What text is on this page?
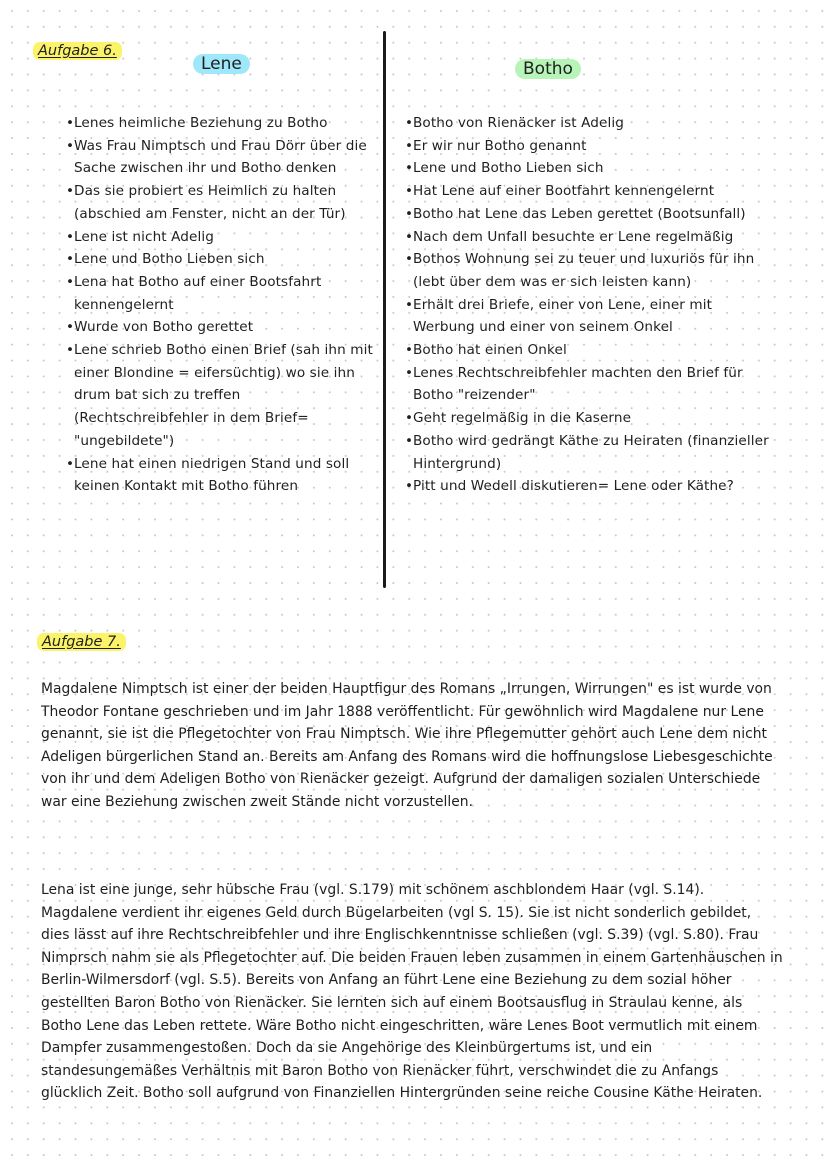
Aufgabe 6.
Lene	Botho
• Lenes heimliche Beziehung zu Botho
• Was Frau Nimptsch und Frau Dörr über die Sache zwischen ihr und Botho denken
• Das sie probiert es Heimlich zu halten (abschied am Fenster, nicht an der Tür)
• Lene ist nicht Adelig
• Lene und Botho Lieben sich
• Lena hat Botho auf einer Bootsfahrt kennengelernt
• Wurde von Botho gerettet
• Lene schrieb Botho einen Brief (sah ihn mit einer Blondine = eifersüchtig) wo sie ihn drum bat sich zu treffen (Rechtschreibfehler in dem Brief= "ungebildete")
• Lene hat einen niedrigen Stand und soll keinen Kontakt mit Botho führen
• Botho von Rienäcker ist Adelig
• Er wir nur Botho genannt
• Lene und Botho Lieben sich
• Hat Lene auf einer Bootfahrt kennengelernt
• Botho hat Lene das Leben gerettet (Bootsunfall)
• Nach dem Unfall besuchte er Lene regelmäßig
• Bothos Wohnung sei zu teuer und luxuriös für ihn (lebt über dem was er sich leisten kann)
• Erhält drei Briefe, einer von Lene, einer mit Werbung und einer von seinem Onkel
• Botho hat einen Onkel
• Lenes Rechtschreibfehler machten den Brief für Botho "reizender"
• Geht regelmäßig in die Kaserne
• Botho wird gedrängt Käthe zu Heiraten (finanzieller Hintergrund)
• Pitt und Wedell diskutieren= Lene oder Käthe?
Aufgabe 7.

Magdalene Nimptsch ist einer der beiden Hauptfigur des Romans „Irrungen, Wirrungen" es ist wurde von Theodor Fontane geschrieben und im Jahr 1888 veröffentlicht. Für gewöhnlich wird Magdalene nur Lene genannt, sie ist die Pflegetochter von Frau Nimptsch. Wie ihre Pflegemutter gehört auch Lene dem nicht Adeligen bürgerlichen Stand an. Bereits am Anfang des Romans wird die hoffnungslose Liebesgeschichte von ihr und dem Adeligen Botho von Rienäcker gezeigt. Aufgrund der damaligen sozialen Unterschiede war eine Beziehung zwischen zweit Stände nicht vorzustellen.

Lena ist eine junge, sehr hübsche Frau (vgl. S.179) mit schönem aschblondem Haar (vgl. S.14). Magdalene verdient ihr eigenes Geld durch Bügelarbeiten (vgl S. 15). Sie ist nicht sonderlich gebildet, dies lässt auf ihre Rechtschreibfehler und ihre Englischkenntnisse schließen (vgl. S.39) (vgl. S.80). Frau Nimprsch nahm sie als Pflegetochter auf. Die beiden Frauen leben zusammen in einem Gartenhäuschen in Berlin-Wilmersdorf (vgl. S.5). Bereits von Anfang an führt Lene eine Beziehung zu dem sozial höher gestellten Baron Botho von Rienäcker. Sie lernten sich auf einem Bootsausflug in Straulau kenne, als Botho Lene das Leben rettete. Wäre Botho nicht eingeschritten, wäre Lenes Boot vermutlich mit einem Dampfer zusammengestoßen. Doch da sie Angehörige des Kleinbürgertums ist, und ein standesungemäßes Verhältnis mit Baron Botho von Rienäcker führt, verschwindet die zu Anfangs glücklich Zeit. Botho soll aufgrund von Finanziellen Hintergründen seine reiche Cousine Käthe Heiraten.
